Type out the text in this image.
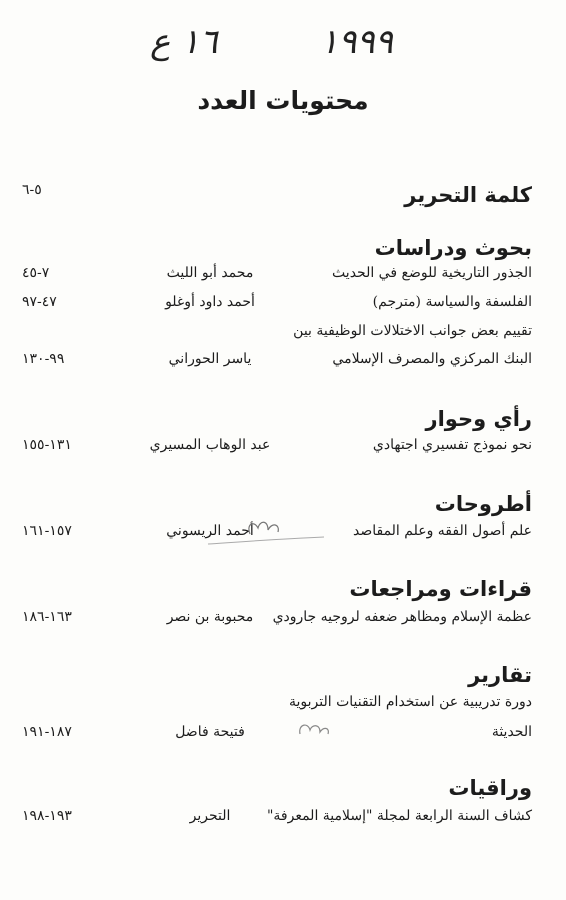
١٦ ع	١٩٩٩
محتويات العدد
كلمة التحرير
٥-٦
بحوث ودراسات
الجذور التاريخية للوضع في الحديث
محمد أبو الليث
٧-٤٥
الفلسفة والسياسة (مترجم)
أحمد داود أوغلو
٤٧-٩٧
تقييم بعض جوانب الاختلالات الوظيفية بين
البنك المركزي والمصرف الإسلامي
ياسر الحوراني
٩٩-١٣٠
رأي وحوار
نحو نموذج تفسيري اجتهادي
عبد الوهاب المسيري
١٣١-١٥٥
أطروحات
علم أصول الفقه وعلم المقاصد
أحمد الريسوني
١٥٧-١٦١
قراءات ومراجعات
عظمة الإسلام ومظاهر ضعفه لروجيه جارودي
محبوبة بن نصر
١٦٣-١٨٦
تقارير
دورة تدريبية عن استخدام التقنيات التربوية
الحديثة
فتيحة فاضل
١٨٧-١٩١
وراقيات
كشاف السنة الرابعة لمجلة "إسلامية المعرفة"
التحرير
١٩٣-١٩٨
